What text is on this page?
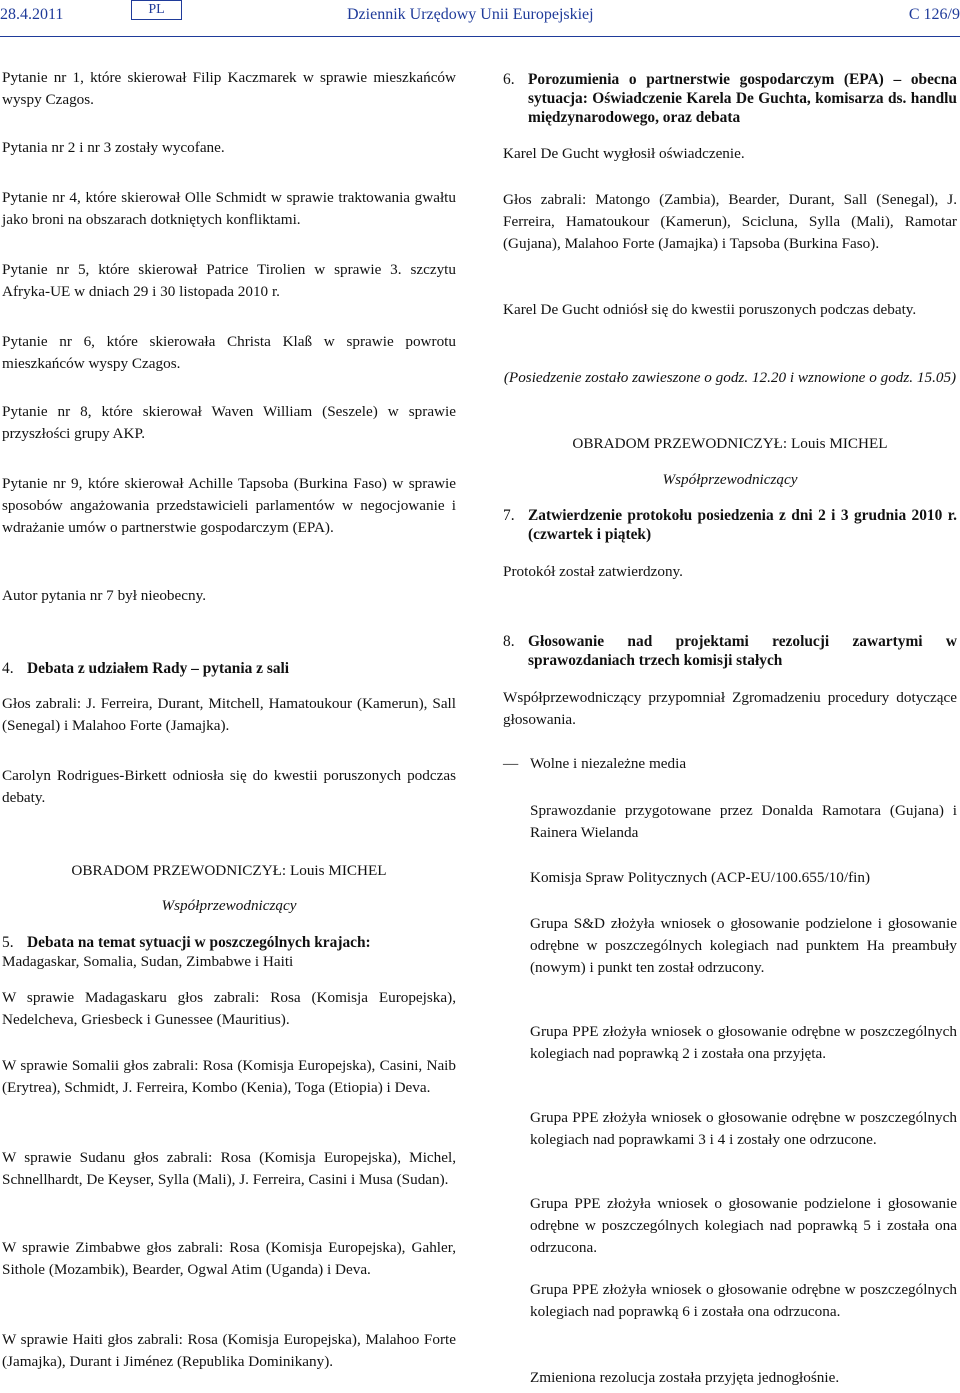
28.4.2011	PL	Dziennik Urzędowy Unii Europejskiej	C 126/9

Pytanie nr 1, które skierował Filip Kaczmarek w sprawie mieszkańców wyspy Czagos.

Pytania nr 2 i nr 3 zostały wycofane.

Pytanie nr 4, które skierował Olle Schmidt w sprawie traktowania gwałtu jako broni na obszarach dotkniętych konfliktami.

Pytanie nr 5, które skierował Patrice Tirolien w sprawie 3. szczytu Afryka-UE w dniach 29 i 30 listopada 2010 r.

Pytanie nr 6, które skierowała Christa Klaß w sprawie powrotu mieszkańców wyspy Czagos.

Pytanie nr 8, które skierował Waven William (Seszele) w sprawie przyszłości grupy AKP.

Pytanie nr 9, które skierował Achille Tapsoba (Burkina Faso) w sprawie sposobów angażowania przedstawicieli parlamentów w negocjowanie i wdrażanie umów o partnerstwie gospodarczym (EPA).

Autor pytania nr 7 był nieobecny.

4. Debata z udziałem Rady – pytania z sali

Głos zabrali: J. Ferreira, Durant, Mitchell, Hamatoukour (Kamerun), Sall (Senegal) i Malahoo Forte (Jamajka).

Carolyn Rodrigues-Birkett odniosła się do kwestii poruszonych podczas debaty.

OBRADOM PRZEWODNICZYŁ: Louis MICHEL

Współprzewodniczący

5. Debata na temat sytuacji w poszczególnych krajach:

Madagaskar, Somalia, Sudan, Zimbabwe i Haiti

W sprawie Madagaskaru głos zabrali: Rosa (Komisja Europejska), Nedelcheva, Griesbeck i Gunessee (Mauritius).

W sprawie Somalii głos zabrali: Rosa (Komisja Europejska), Casini, Naib (Erytrea), Schmidt, J. Ferreira, Kombo (Kenia), Toga (Etiopia) i Deva.

W sprawie Sudanu głos zabrali: Rosa (Komisja Europejska), Michel, Schnellhardt, De Keyser, Sylla (Mali), J. Ferreira, Casini i Musa (Sudan).

W sprawie Zimbabwe głos zabrali: Rosa (Komisja Europejska), Gahler, Sithole (Mozambik), Bearder, Ogwal Atim (Uganda) i Deva.

W sprawie Haiti głos zabrali: Rosa (Komisja Europejska), Malahoo Forte (Jamajka), Durant i Jiménez (Republika Dominikany).

6. Porozumienia o partnerstwie gospodarczym (EPA) – obecna sytuacja: Oświadczenie Karela De Guchta, komisarza ds. handlu międzynarodowego, oraz debata

Karel De Gucht wygłosił oświadczenie.

Głos zabrali: Matongo (Zambia), Bearder, Durant, Sall (Senegal), J. Ferreira, Hamatoukour (Kamerun), Scicluna, Sylla (Mali), Ramotar (Gujana), Malahoo Forte (Jamajka) i Tapsoba (Burkina Faso).

Karel De Gucht odniósł się do kwestii poruszonych podczas debaty.

(Posiedzenie zostało zawieszone o godz. 12.20 i wznowione o godz. 15.05)

OBRADOM PRZEWODNICZYŁ: Louis MICHEL

Współprzewodniczący

7. Zatwierdzenie protokołu posiedzenia z dni 2 i 3 grudnia 2010 r. (czwartek i piątek)

Protokół został zatwierdzony.

8. Głosowanie nad projektami rezolucji zawartymi w sprawozdaniach trzech komisji stałych

Współprzewodniczący przypomniał Zgromadzeniu procedury dotyczące głosowania.

— Wolne i niezależne media

Sprawozdanie przygotowane przez Donalda Ramotara (Gujana) i Rainera Wielanda

Komisja Spraw Politycznych (ACP-EU/100.655/10/fin)

Grupa S&D złożyła wniosek o głosowanie podzielone i głosowanie odrębne w poszczególnych kolegiach nad punktem Ha preambuły (nowym) i punkt ten został odrzucony.

Grupa PPE złożyła wniosek o głosowanie odrębne w poszczególnych kolegiach nad poprawką 2 i została ona przyjęta.

Grupa PPE złożyła wniosek o głosowanie odrębne w poszczególnych kolegiach nad poprawkami 3 i 4 i zostały one odrzucone.

Grupa PPE złożyła wniosek o głosowanie podzielone i głosowanie odrębne w poszczególnych kolegiach nad poprawką 5 i została ona odrzucona.

Grupa PPE złożyła wniosek o głosowanie odrębne w poszczególnych kolegiach nad poprawką 6 i została ona odrzucona.

Zmieniona rezolucja została przyjęta jednogłośnie.
